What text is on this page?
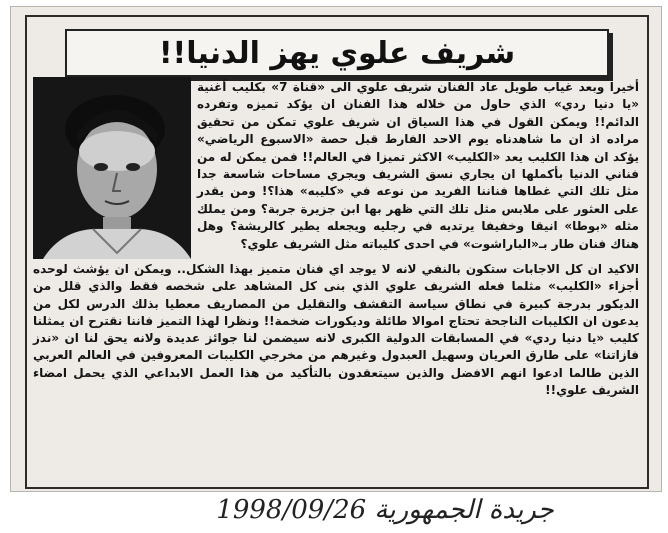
شريف علوي يهز الدنيا!!
أخيرا وبعد غياب طويل عاد الفنان شريف علوي الى «قناة 7» بكليب أغنية «يا دنيا ردي» الذي حاول من خلاله هذا الفنان ان يؤكد تميزه وتفرده الدائم!! ويمكن القول في هذا السياق ان شريف علوي تمكن من تحقيق مراده اذ ان ما شاهدناه يوم الاحد الفارط قبل حصة «الاسبوع الرياضي» يؤكد ان هذا الكليب يعد «الكليب» الاكثر تميزا في العالم!! فمن يمكن له من فناني الدنيا بأكملها ان يجاري نسق الشريف ويجري مساحات شاسعة جدا مثل تلك التي غطاها فناننا الفريد من نوعه في «كليبه» هذا؟! ومن يقدر على العثور على ملابس مثل تلك التي ظهر بها ابن جزيرة جربة؟ ومن يملك مثله «بوطا» انيقا وخفيفا يرتديه في رجليه ويجعله يطير كالريشة؟ وهل هناك فنان طار بـ«الباراشوت» في احدى كليباته مثل الشريف علوي؟
الاكيد ان كل الاجابات ستكون بالنفي لانه لا يوجد اي فنان متميز بهذا الشكل.. ويمكن ان يؤشث لوحده أجزاء «الكليب» مثلما فعله الشريف علوي الذي بنى كل المشاهد على شخصه فقط والذي قلل من الديكور بدرجة كبيرة في نطاق سياسة التقشف والتقليل من المصاريف معطيا بذلك الدرس لكل من يدعون ان الكليبات الناجحة تحتاج اموالا طائلة وديكورات ضخمة!! ونظرا لهذا التميز فاننا نقترح ان يمثلنا كليب «يا دنيا ردي» في المسابقات الدولية الكبرى لانه سيضمن لنا جوائز عديدة ولانه يحق لنا ان «ندز فازاتنا» على طارق العريان وسهيل العبدول وغيرهم من مخرجي الكليبات المعروفين في العالم العربي الذين طالما ادعوا انهم الافضل والذين سيتعقدون بالتأكيد من هذا العمل الابداعي الذي يحمل امضاء الشريف علوي!!
جريدة الجمهورية 1998/09/26
